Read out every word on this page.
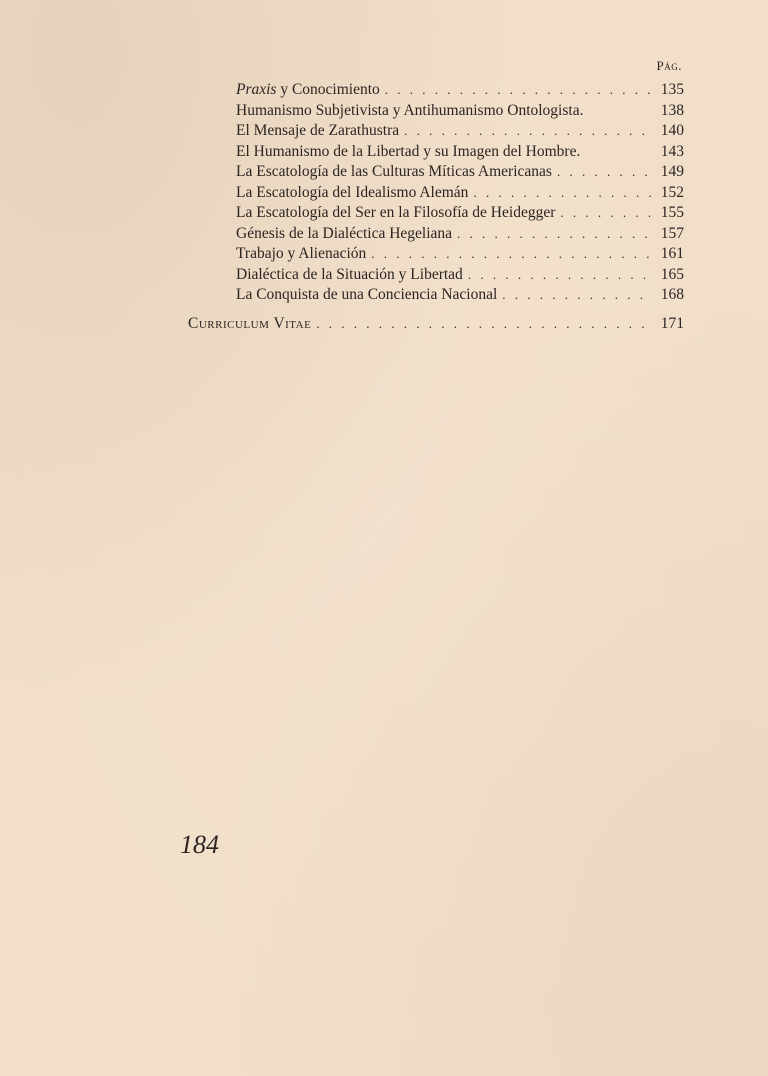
Pág.
Praxis y Conocimiento . . .	135
Humanismo Subjetivista y Antihumanismo Ontologista.	138
El Mensaje de Zarathustra . . .	140
El Humanismo de la Libertad y su Imagen del Hombre.	143
La Escatología de las Culturas Míticas Americanas . . .	149
La Escatología del Idealismo Alemán . . .	152
La Escatología del Ser en la Filosofía de Heidegger . . .	155
Génesis de la Dialéctica Hegeliana . . .	157
Trabajo y Alienación . . .	161
Dialéctica de la Situación y Libertad . . .	165
La Conquista de una Conciencia Nacional . . .	168
Curriculum Vitae . . .	171
184
